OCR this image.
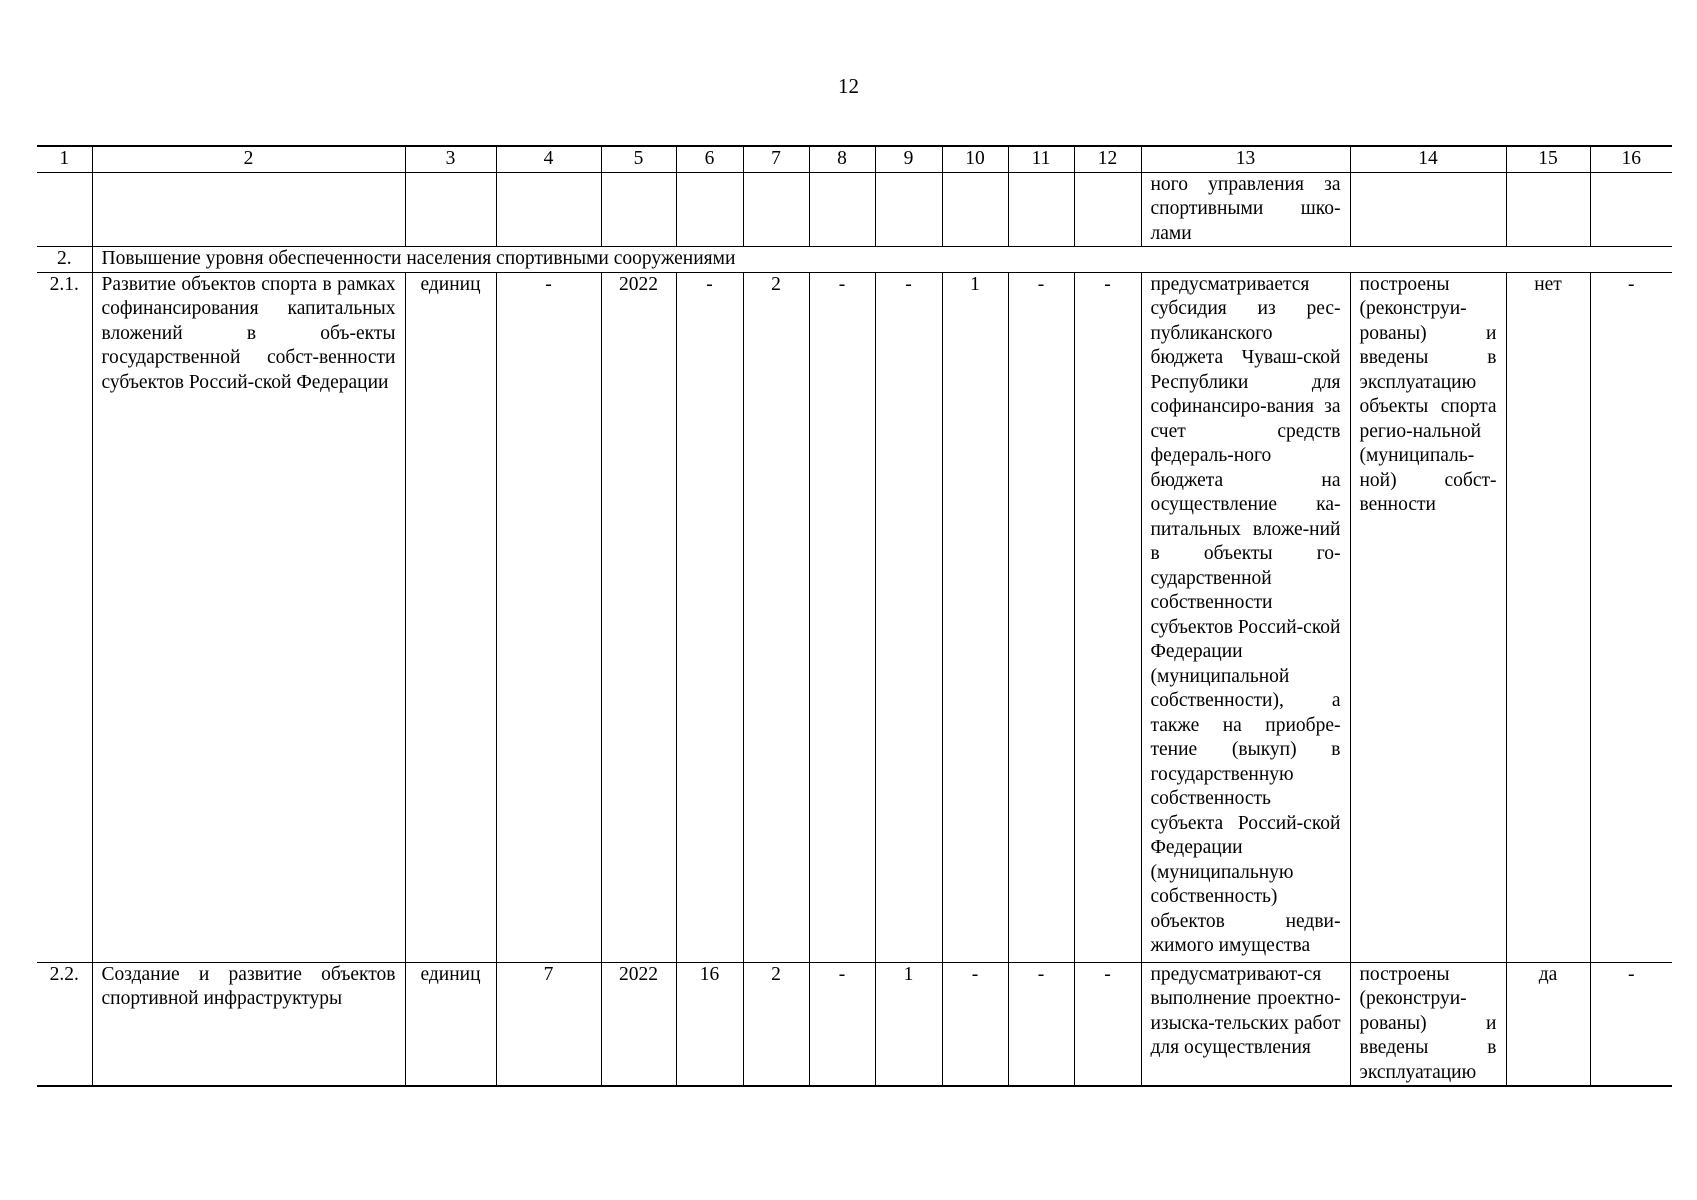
12
1	2	3	4	5	6	7	8	9	10	11	12	13	14	15	16
												ного управления за спортивными шко-лами			
2.	Повышение уровня обеспеченности населения спортивными сооружениями														
2.1.	Развитие объектов спорта в рамках софинансирования капитальных вложений в объ-екты государственной собст-венности субъектов Россий-ской Федерации	единиц	-	2022	-	2	-	-	1	-	-	предусматривается субсидия из рес-публиканского бюджета Чуваш-ской Республики для софинансиро-вания за счет средств федераль-ного бюджета на осуществление ка-питальных вложе-ний в объекты го-сударственной собственности субъектов Россий-ской Федерации (муниципальной собственности), а также на приобре-тение (выкуп) в государственную собственность субъекта Россий-ской Федерации (муниципальную собственность) объектов недви-жимого имущества	построены (реконструи-рованы) и введены в эксплуатацию объекты спорта регио-нальной (муниципаль-ной) собст-венности	нет	-
2.2.	Создание и развитие объектов спортивной инфраструктуры	единиц	7	2022	16	2	-	1	-	-	-	предусматривают-ся выполнение проектно-изыска-тельских работ для осуществления	построены (реконструи-рованы) и введены в эксплуатацию	да	-
